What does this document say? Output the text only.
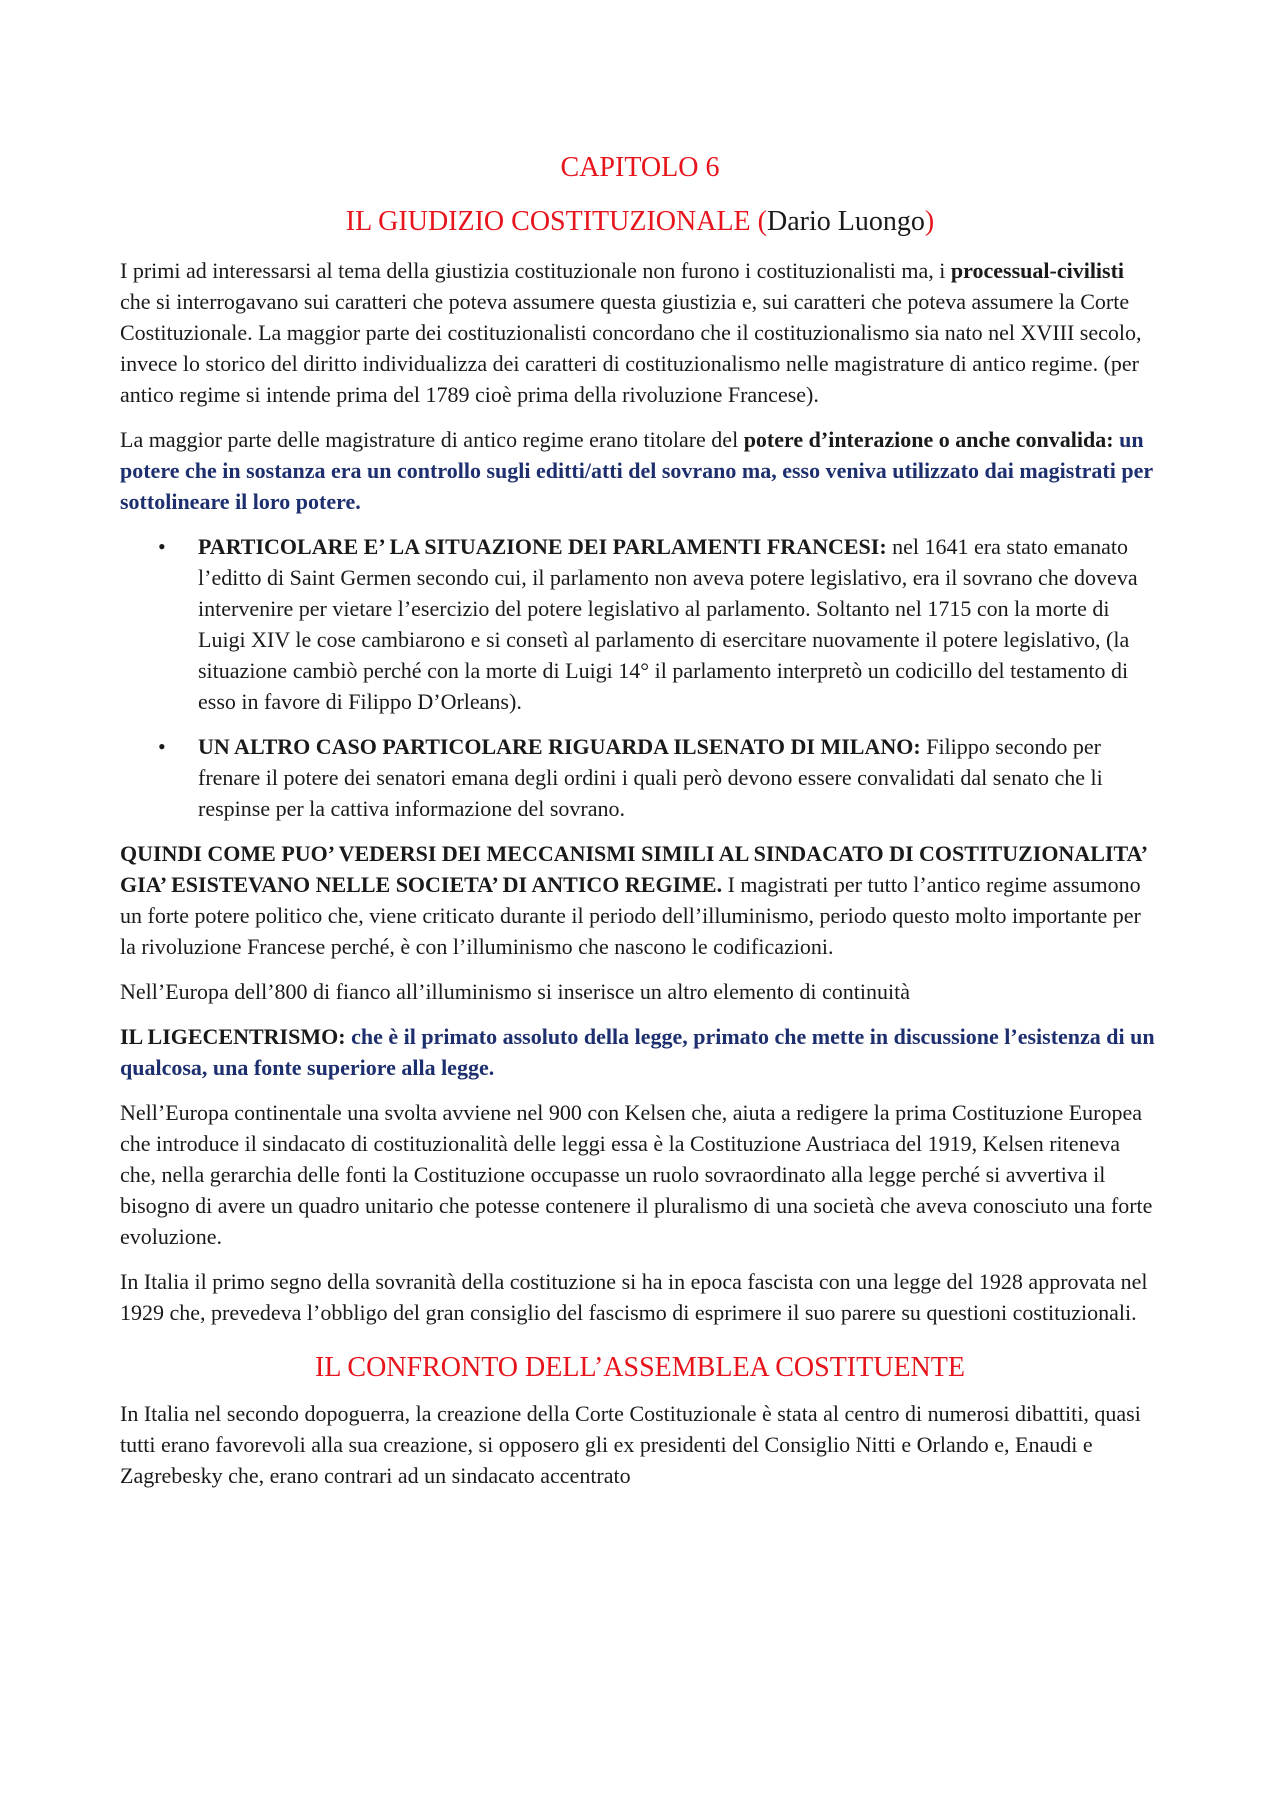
CAPITOLO 6
IL GIUDIZIO COSTITUZIONALE (Dario Luongo)

I primi ad interessarsi al tema della giustizia costituzionale non furono i costituzionalisti ma, i processual-civilisti che si interrogavano sui caratteri che poteva assumere questa giustizia e, sui caratteri che poteva assumere la Corte Costituzionale. La maggior parte dei costituzionalisti concordano che il costituzionalismo sia nato nel XVIII secolo, invece lo storico del diritto individualizza dei caratteri di costituzionalismo nelle magistrature di antico regime. (per antico regime si intende prima del 1789 cioè prima della rivoluzione Francese).

La maggior parte delle magistrature di antico regime erano titolare del potere d’interazione o anche convalida: un potere che in sostanza era un controllo sugli editti/atti del sovrano ma, esso veniva utilizzato dai magistrati per sottolineare il loro potere.

• PARTICOLARE E’ LA SITUAZIONE DEI PARLAMENTI FRANCESI: nel 1641 era stato emanato l’editto di Saint Germen secondo cui, il parlamento non aveva potere legislativo, era il sovrano che doveva intervenire per vietare l’esercizio del potere legislativo al parlamento. Soltanto nel 1715 con la morte di Luigi XIV le cose cambiarono e si consetì al parlamento di esercitare nuovamente il potere legislativo, (la situazione cambiò perché con la morte di Luigi 14° il parlamento interpretò un codicillo del testamento di esso in favore di Filippo D’Orleans).
• UN ALTRO CASO PARTICOLARE RIGUARDA ILSENATO DI MILANO: Filippo secondo per frenare il potere dei senatori emana degli ordini i quali però devono essere convalidati dal senato che li respinse per la cattiva informazione del sovrano.

QUINDI COME PUO’ VEDERSI DEI MECCANISMI SIMILI AL SINDACATO DI COSTITUZIONALITA’ GIA’ ESISTEVANO NELLE SOCIETA’ DI ANTICO REGIME. I magistrati per tutto l’antico regime assumono un forte potere politico che, viene criticato durante il periodo dell’illuminismo, periodo questo molto importante per la rivoluzione Francese perché, è con l’illuminismo che nascono le codificazioni.

Nell’Europa dell’800 di fianco all’illuminismo si inserisce un altro elemento di continuità

IL LIGECENTRISMO: che è il primato assoluto della legge, primato che mette in discussione l’esistenza di un qualcosa, una fonte superiore alla legge.

Nell’Europa continentale una svolta avviene nel 900 con Kelsen che, aiuta a redigere la prima Costituzione Europea che introduce il sindacato di costituzionalità delle leggi essa è la Costituzione Austriaca del 1919, Kelsen riteneva che, nella gerarchia delle fonti la Costituzione occupasse un ruolo sovraordinato alla legge perché si avvertiva il bisogno di avere un quadro unitario che potesse contenere il pluralismo di una società che aveva conosciuto una forte evoluzione.

In Italia il primo segno della sovranità della costituzione si ha in epoca fascista con una legge del 1928 approvata nel 1929 che, prevedeva l’obbligo del gran consiglio del fascismo di esprimere il suo parere su questioni costituzionali.

IL CONFRONTO DELL’ASSEMBLEA COSTITUENTE

In Italia nel secondo dopoguerra, la creazione della Corte Costituzionale è stata al centro di numerosi dibattiti, quasi tutti erano favorevoli alla sua creazione, si opposero gli ex presidenti del Consiglio Nitti e Orlando e, Enaudi e Zagrebesky che, erano contrari ad un sindacato accentrato
